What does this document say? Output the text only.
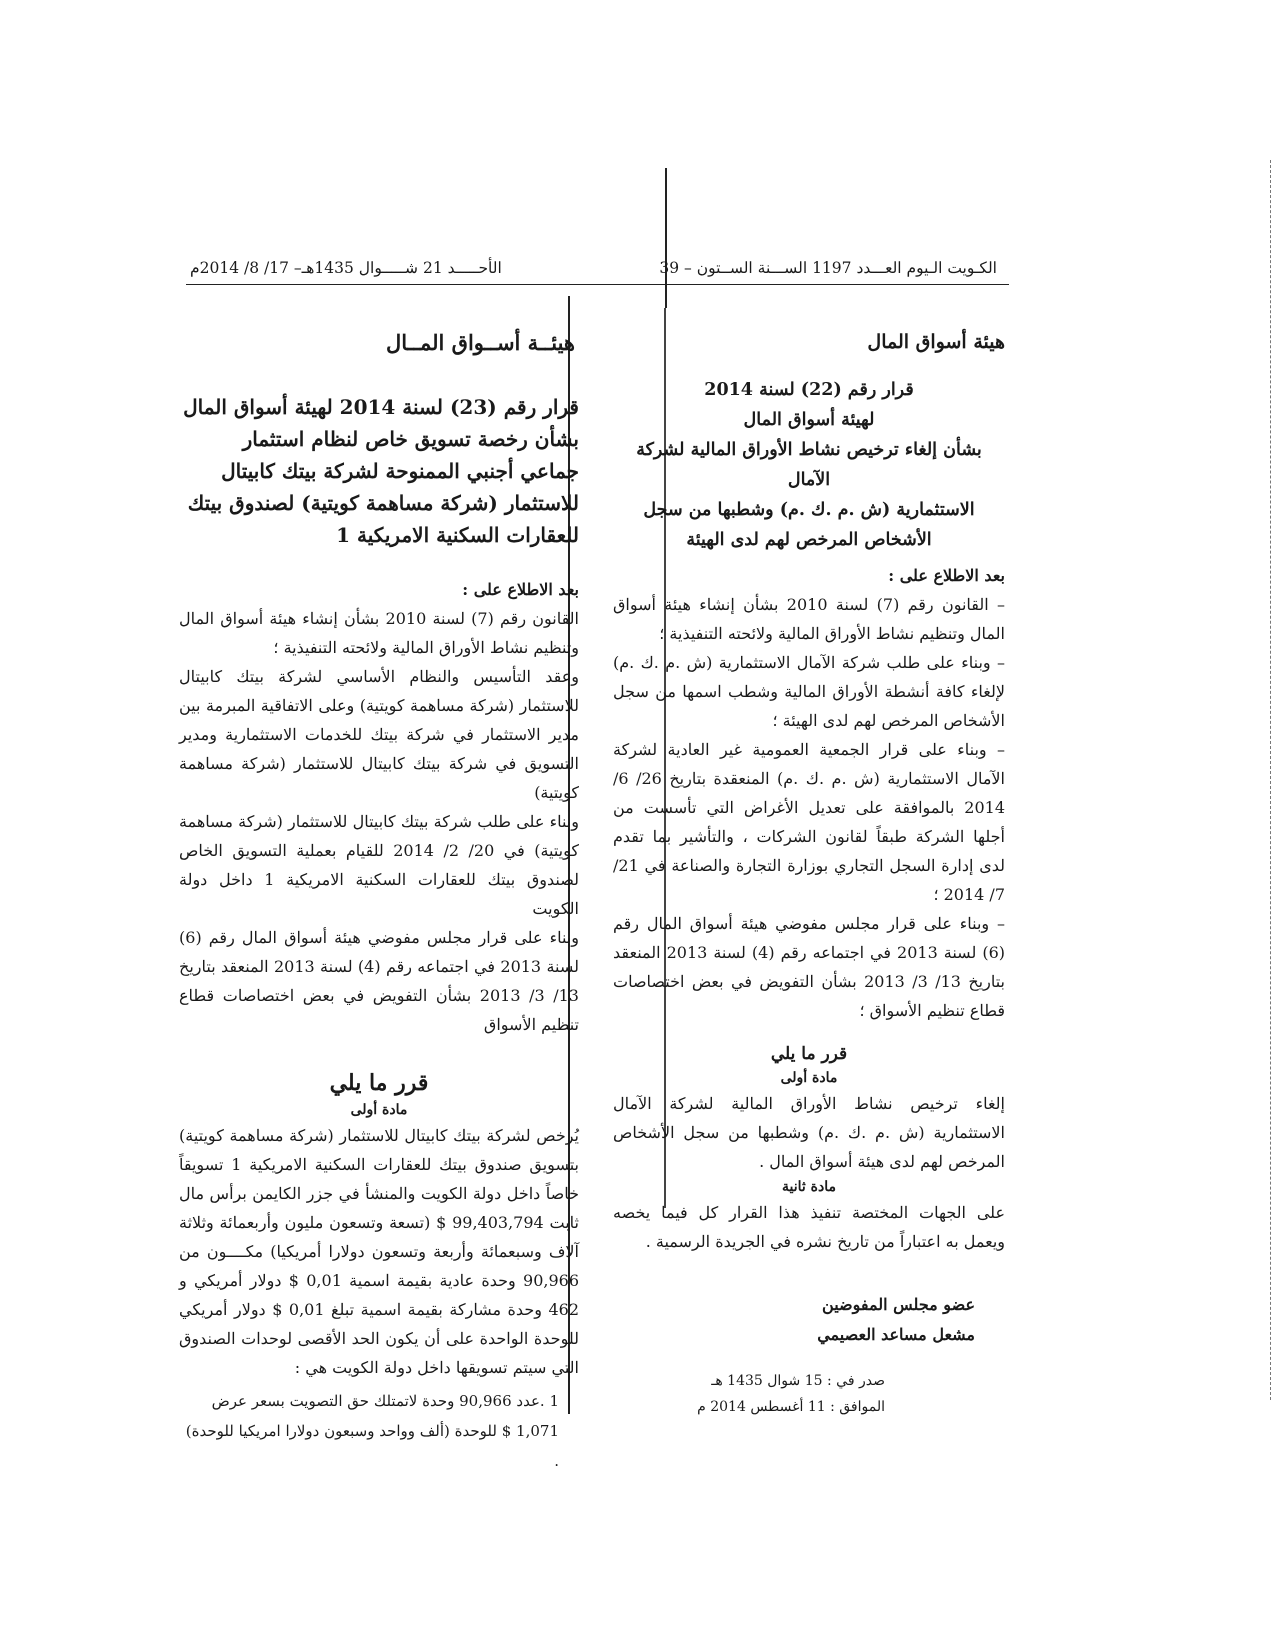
الكـويت الـيوم العـــدد 1197 الســـنة الســتون – 39
الأحـــــد 21 شـــــوال 1435هـ– 17/ 8/ 2014م
هيئة أسواق المال
قرار رقم (22) لسنة 2014
لهيئة أسواق المال
بشأن إلغاء ترخيص نشاط الأوراق المالية لشركة الآمال
الاستثمارية (ش .م .ك .م) وشطبها من سجل
الأشخاص المرخص لهم لدى الهيئة

بعد الاطلاع على :

– القانون رقم (7) لسنة 2010 بشأن إنشاء هيئة أسواق المال وتنظيم نشاط الأوراق المالية ولائحته التنفيذية ؛

– وبناء على طلب شركة الآمال الاستثمارية (ش .م .ك .م) لإلغاء كافة أنشطة الأوراق المالية وشطب اسمها من سجل الأشخاص المرخص لهم لدى الهيئة ؛

– وبناء على قرار الجمعية العمومية غير العادية لشركة الآمال الاستثمارية (ش .م .ك .م) المنعقدة بتاريخ 26/ 6/ 2014 بالموافقة على تعديل الأغراض التي تأسست من أجلها الشركة طبقاً لقانون الشركات ، والتأشير بما تقدم لدى إدارة السجل التجاري بوزارة التجارة والصناعة في 21/ 7/ 2014 ؛

– وبناء على قرار مجلس مفوضي هيئة أسواق المال رقم (6) لسنة 2013 في اجتماعه رقم (4) لسنة 2013 المنعقد بتاريخ 13/ 3/ 2013 بشأن التفويض في بعض اختصاصات قطاع تنظيم الأسواق ؛

قرر ما يلي

مادة أولى

إلغاء ترخيص نشاط الأوراق المالية لشركة الآمال الاستثمارية (ش .م .ك .م) وشطبها من سجل الأشخاص المرخص لهم لدى هيئة أسواق المال .

مادة ثانية

على الجهات المختصة تنفيذ هذا القرار كل فيما يخصه ويعمل به اعتباراً من تاريخ نشره في الجريدة الرسمية .

عضو مجلس المفوضين
مشعل مساعد العصيمي
صدر في : 15 شوال 1435 هـ
الموافق : 11 أغسطس 2014 م
هيئــة أســواق المــال
قرار رقم (23) لسنة 2014 لهيئة أسواق المال بشأن رخصة تسويق خاص لنظام استثمار جماعي أجنبي الممنوحة لشركة بيتك كابيتال للاستثمار (شركة مساهمة كويتية) لصندوق بيتك للعقارات السكنية الامريكية 1

بعد الاطلاع على :

القانون رقم (7) لسنة 2010 بشأن إنشاء هيئة أسواق المال وتنظيم نشاط الأوراق المالية ولائحته التنفيذية ؛

وعقد التأسيس والنظام الأساسي لشركة بيتك كابيتال للاستثمار (شركة مساهمة كويتية) وعلى الاتفاقية المبرمة بين مدير الاستثمار في شركة بيتك للخدمات الاستثمارية ومدير التسويق في شركة بيتك كابيتال للاستثمار (شركة مساهمة كويتية)

وبناء على طلب شركة بيتك كابيتال للاستثمار (شركة مساهمة كويتية) في 20/ 2/ 2014 للقيام بعملية التسويق الخاص لصندوق بيتك للعقارات السكنية الامريكية 1 داخل دولة الكويت

وبناء على قرار مجلس مفوضي هيئة أسواق المال رقم (6) لسنة 2013 في اجتماعه رقم (4) لسنة 2013 المنعقد بتاريخ 13/ 3/ 2013 بشأن التفويض في بعض اختصاصات قطاع تنظيم الأسواق

قرر ما يلي

مادة أولى

يُرخص لشركة بيتك كابيتال للاستثمار (شركة مساهمة كويتية) بتسويق صندوق بيتك للعقارات السكنية الامريكية 1 تسويقاً خاصاً داخل دولة الكويت والمنشأ في جزر الكايمن برأس مال ثابت 99,403,794 $ (تسعة وتسعون مليون وأربعمائة وثلاثة آلاف وسبعمائة وأربعة وتسعون دولارا أمريكيا) مكــــون من 90,966 وحدة عادية بقيمة اسمية 0,01 $ دولار أمريكي و 462 وحدة مشاركة بقيمة اسمية تبلغ 0,01 $ دولار أمريكي للوحدة الواحدة على أن يكون الحد الأقصى لوحدات الصندوق التي سيتم تسويقها داخل دولة الكويت هي :

1 .عدد 90,966 وحدة لاتمتلك حق التصويت بسعر عرض 1,071 $ للوحدة (ألف وواحد وسبعون دولارا امريكيا للوحدة) .
